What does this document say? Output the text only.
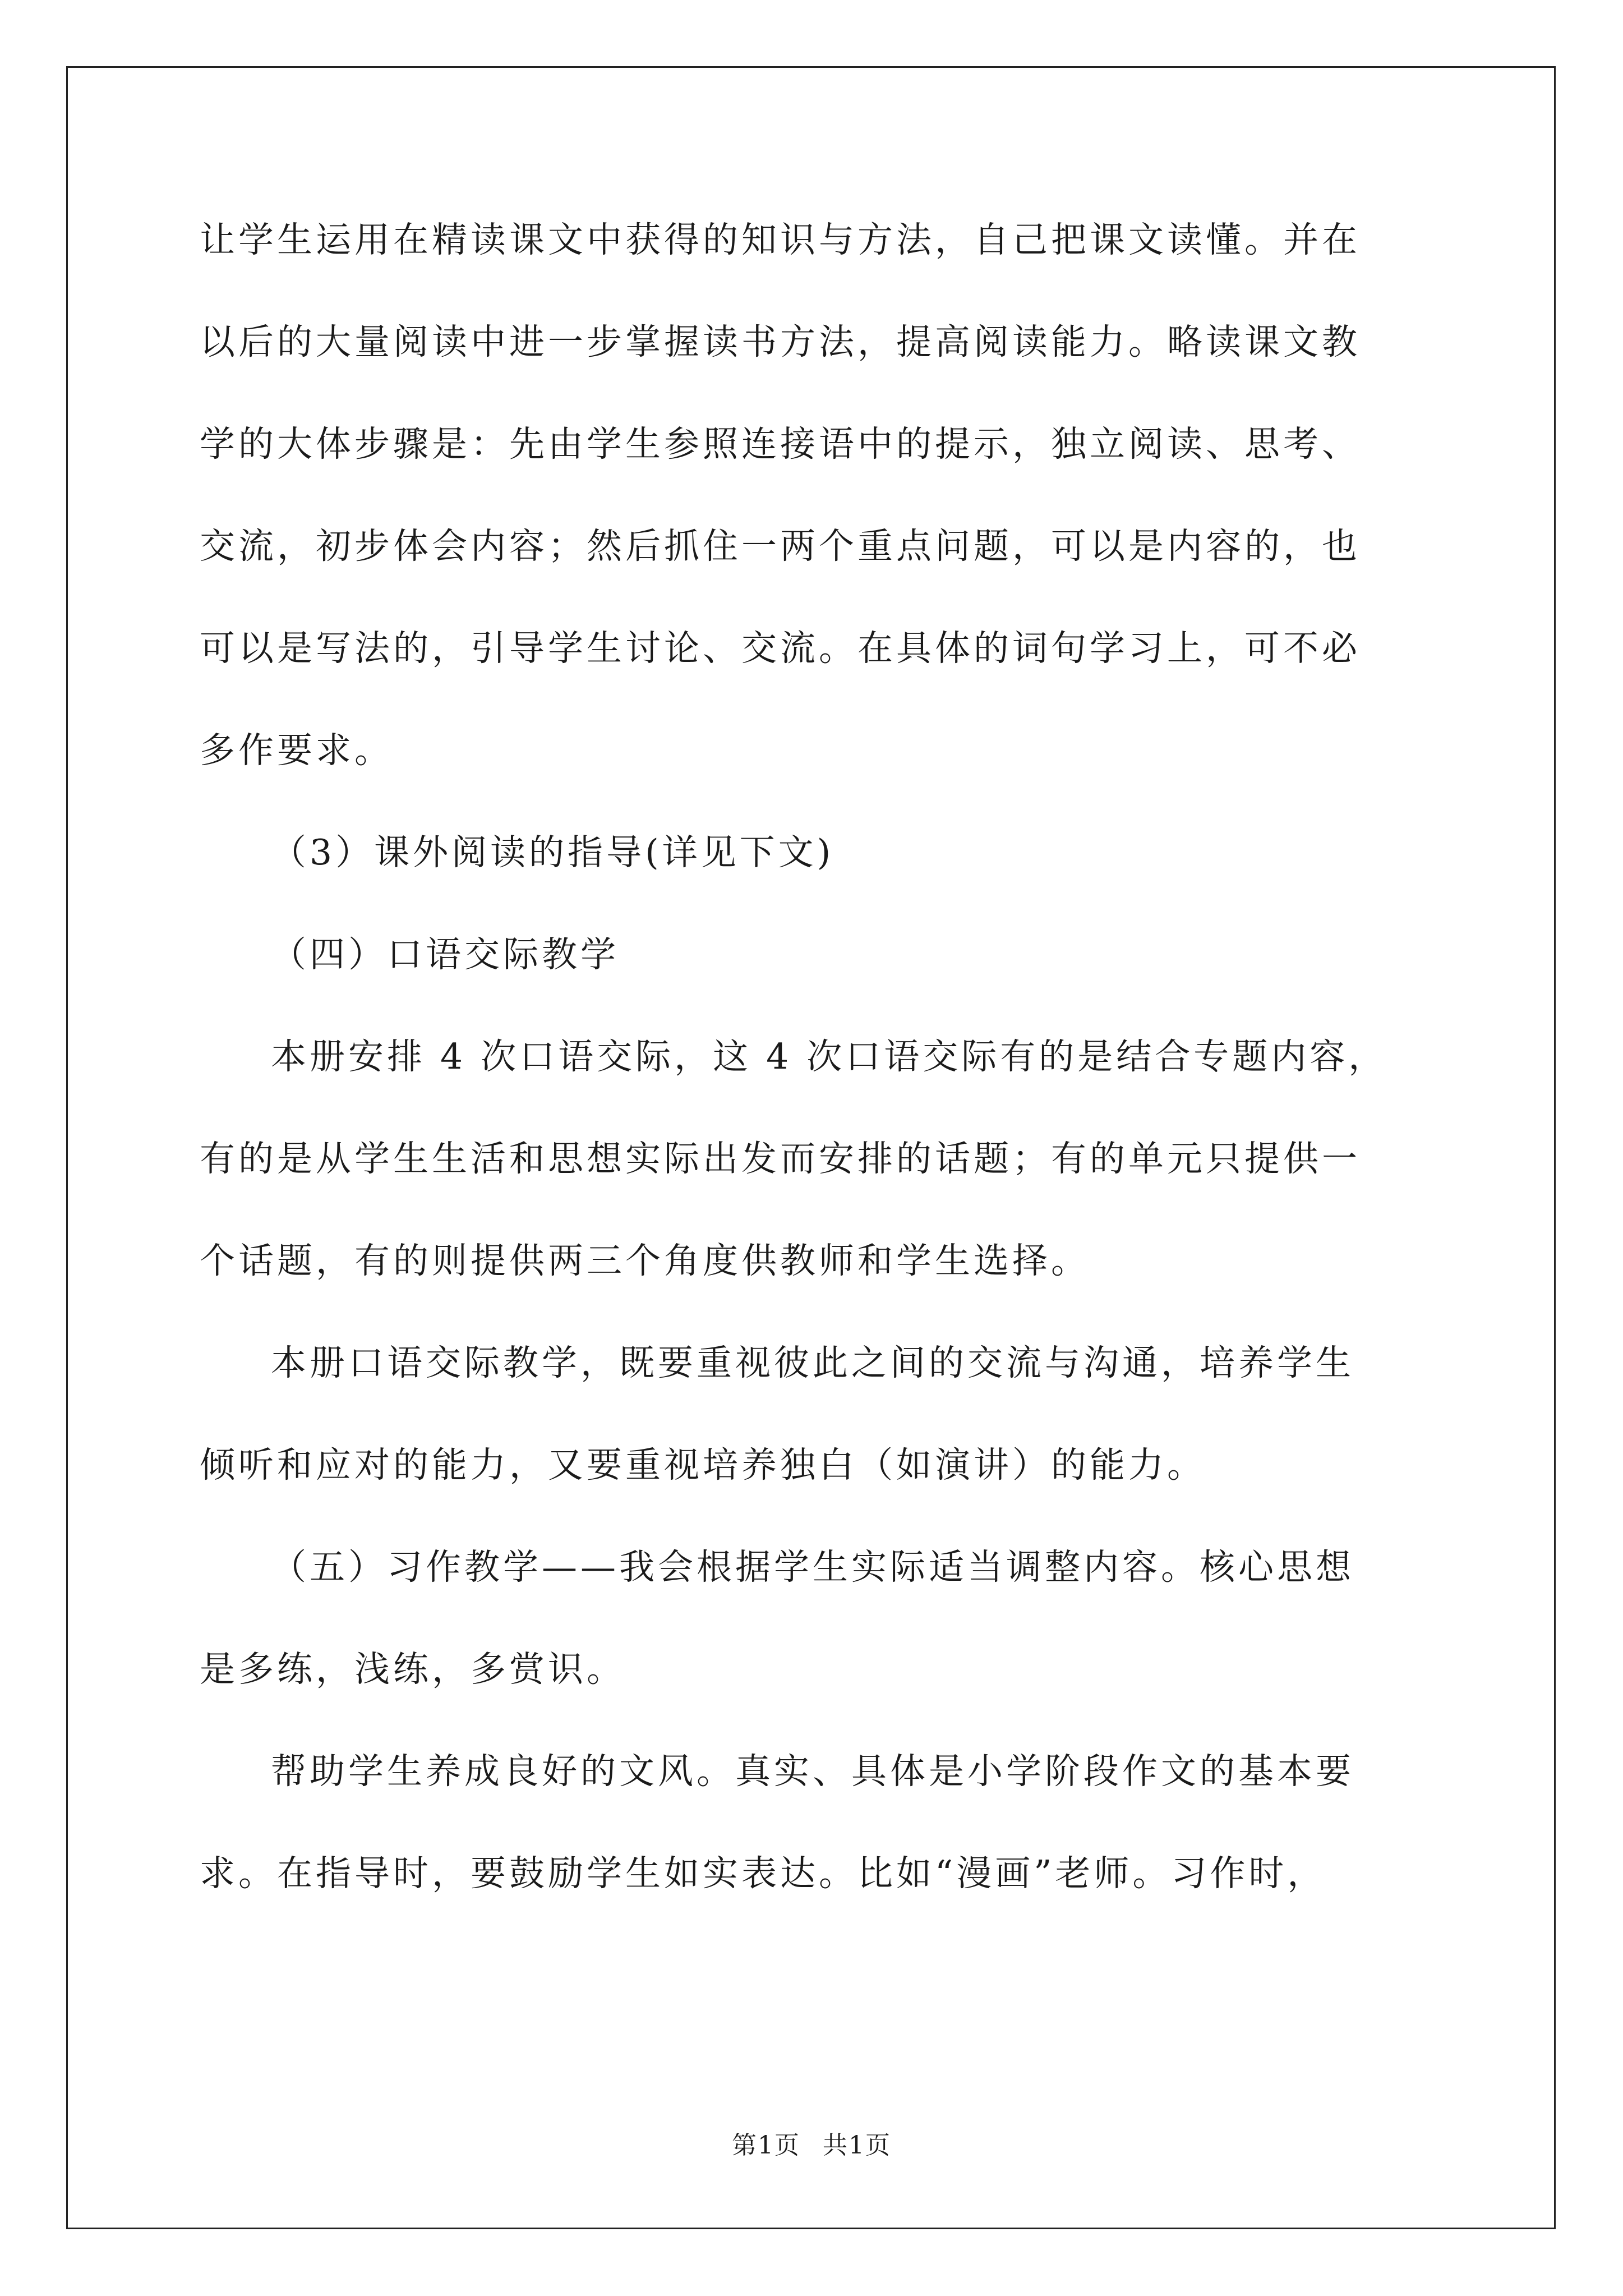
让学生运用在精读课文中获得的知识与方法，自己把课文读懂。并在
以后的大量阅读中进一步掌握读书方法，提高阅读能力。略读课文教
学的大体步骤是：先由学生参照连接语中的提示，独立阅读、思考、
交流，初步体会内容；然后抓住一两个重点问题，可以是内容的，也
可以是写法的，引导学生讨论、交流。在具体的词句学习上，可不必
多作要求。
（3）课外阅读的指导(详见下文)
（四）口语交际教学
本册安排 4 次口语交际，这 4 次口语交际有的是结合专题内容，
有的是从学生生活和思想实际出发而安排的话题；有的单元只提供一
个话题，有的则提供两三个角度供教师和学生选择。
本册口语交际教学，既要重视彼此之间的交流与沟通，培养学生
倾听和应对的能力，又要重视培养独白（如演讲）的能力。
（五）习作教学——我会根据学生实际适当调整内容。核心思想
是多练，浅练，多赏识。
帮助学生养成良好的文风。真实、具体是小学阶段作文的基本要
求。在指导时，要鼓励学生如实表达。比如“漫画”老师。习作时，
第1页 共1页
